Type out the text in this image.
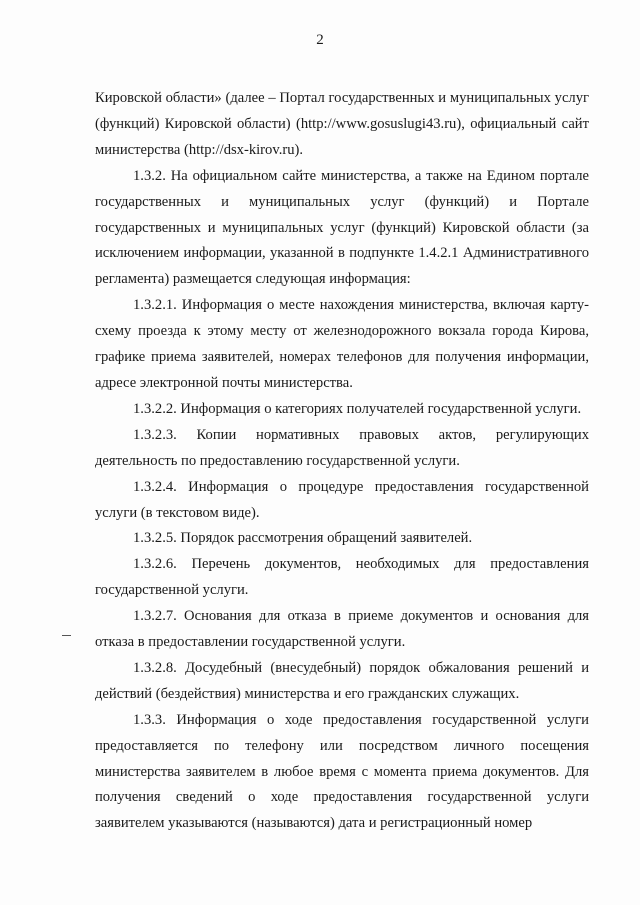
2

Кировской области» (далее – Портал государственных и муниципальных услуг (функций) Кировской области) (http://www.gosuslugi43.ru), официальный сайт министерства (http://dsx-kirov.ru).

1.3.2. На официальном сайте министерства, а также на Едином портале государственных и муниципальных услуг (функций) и Портале государственных и муниципальных услуг (функций) Кировской области (за исключением информации, указанной в подпункте 1.4.2.1 Административного регламента) размещается следующая информация:

1.3.2.1. Информация о месте нахождения министерства, включая карту-схему проезда к этому месту от железнодорожного вокзала города Кирова, графике приема заявителей, номерах телефонов для получения информации, адресе электронной почты министерства.

1.3.2.2. Информация о категориях получателей государственной услуги.

1.3.2.3. Копии нормативных правовых актов, регулирующих деятельность по предоставлению государственной услуги.

1.3.2.4. Информация о процедуре предоставления государственной услуги (в текстовом виде).

1.3.2.5. Порядок рассмотрения обращений заявителей.

1.3.2.6. Перечень документов, необходимых для предоставления государственной услуги.

1.3.2.7. Основания для отказа в приеме документов и основания для отказа в предоставлении государственной услуги.

1.3.2.8. Досудебный (внесудебный) порядок обжалования решений и действий (бездействия) министерства и его гражданских служащих.

1.3.3. Информация о ходе предоставления государственной услуги предоставляется по телефону или посредством личного посещения министерства заявителем в любое время с момента приема документов. Для получения сведений о ходе предоставления государственной услуги заявителем указываются (называются) дата и регистрационный номер
